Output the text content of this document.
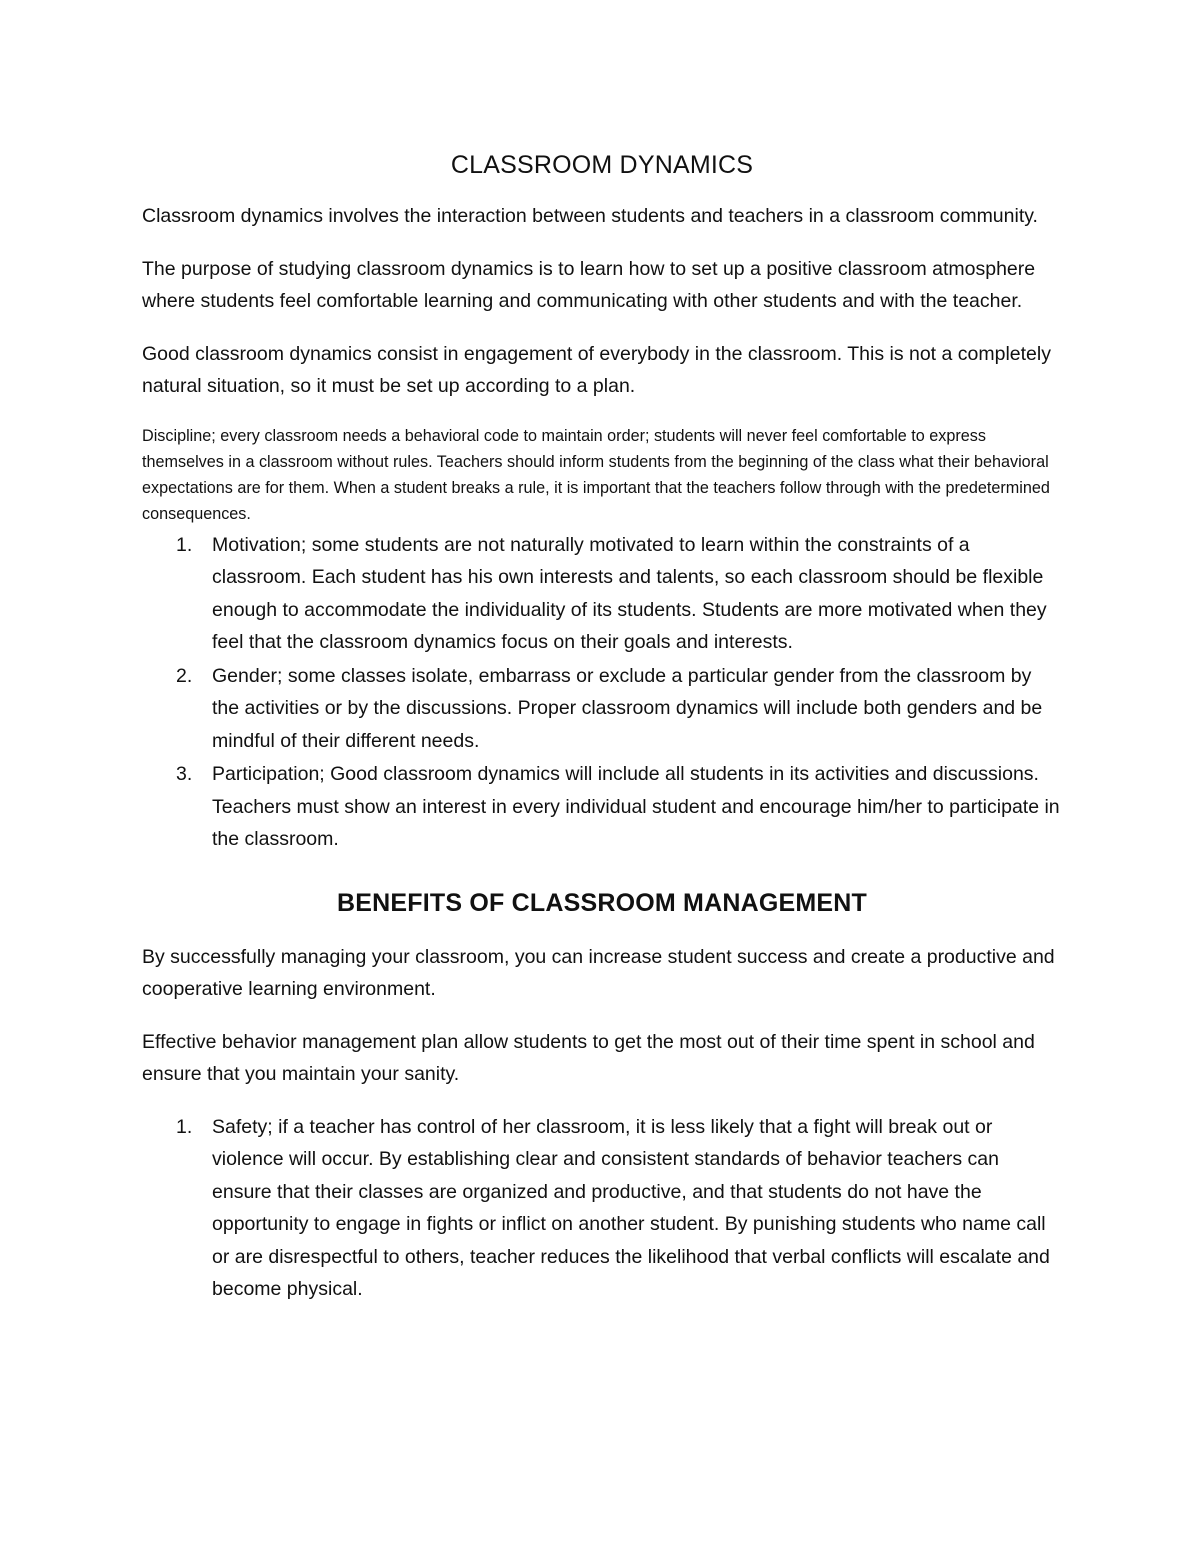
CLASSROOM DYNAMICS

Classroom dynamics involves the interaction between students and teachers in a classroom community.

The purpose of studying classroom dynamics is to learn how to set up a positive classroom atmosphere where students feel comfortable learning and communicating with other students and with the teacher.

Good classroom dynamics consist in engagement of everybody in the classroom. This is not a completely natural situation, so it must be set up according to a plan.

Discipline; every classroom needs a behavioral code to maintain order; students will never feel comfortable to express themselves in a classroom without rules. Teachers should inform students from the beginning of the class what their behavioral expectations are for them. When a student breaks a rule, it is important that the teachers follow through with the predetermined consequences.

1. Motivation; some students are not naturally motivated to learn within the constraints of a classroom. Each student has his own interests and talents, so each classroom should be flexible enough to accommodate the individuality of its students. Students are more motivated when they feel that the classroom dynamics focus on their goals and interests.
2. Gender; some classes isolate, embarrass or exclude a particular gender from the classroom by the activities or by the discussions. Proper classroom dynamics will include both genders and be mindful of their different needs.
3. Participation; Good classroom dynamics will include all students in its activities and discussions. Teachers must show an interest in every individual student and encourage him/her to participate in the classroom.
BENEFITS OF CLASSROOM MANAGEMENT

By successfully managing your classroom, you can increase student success and create a productive and cooperative learning environment.

Effective behavior management plan allow students to get the most out of their time spent in school and ensure that you maintain your sanity.

1. Safety; if a teacher has control of her classroom, it is less likely that a fight will break out or violence will occur. By establishing clear and consistent standards of behavior teachers can ensure that their classes are organized and productive, and that students do not have the opportunity to engage in fights or inflict on another student. By punishing students who name call or are disrespectful to others, teacher reduces the likelihood that verbal conflicts will escalate and become physical.
